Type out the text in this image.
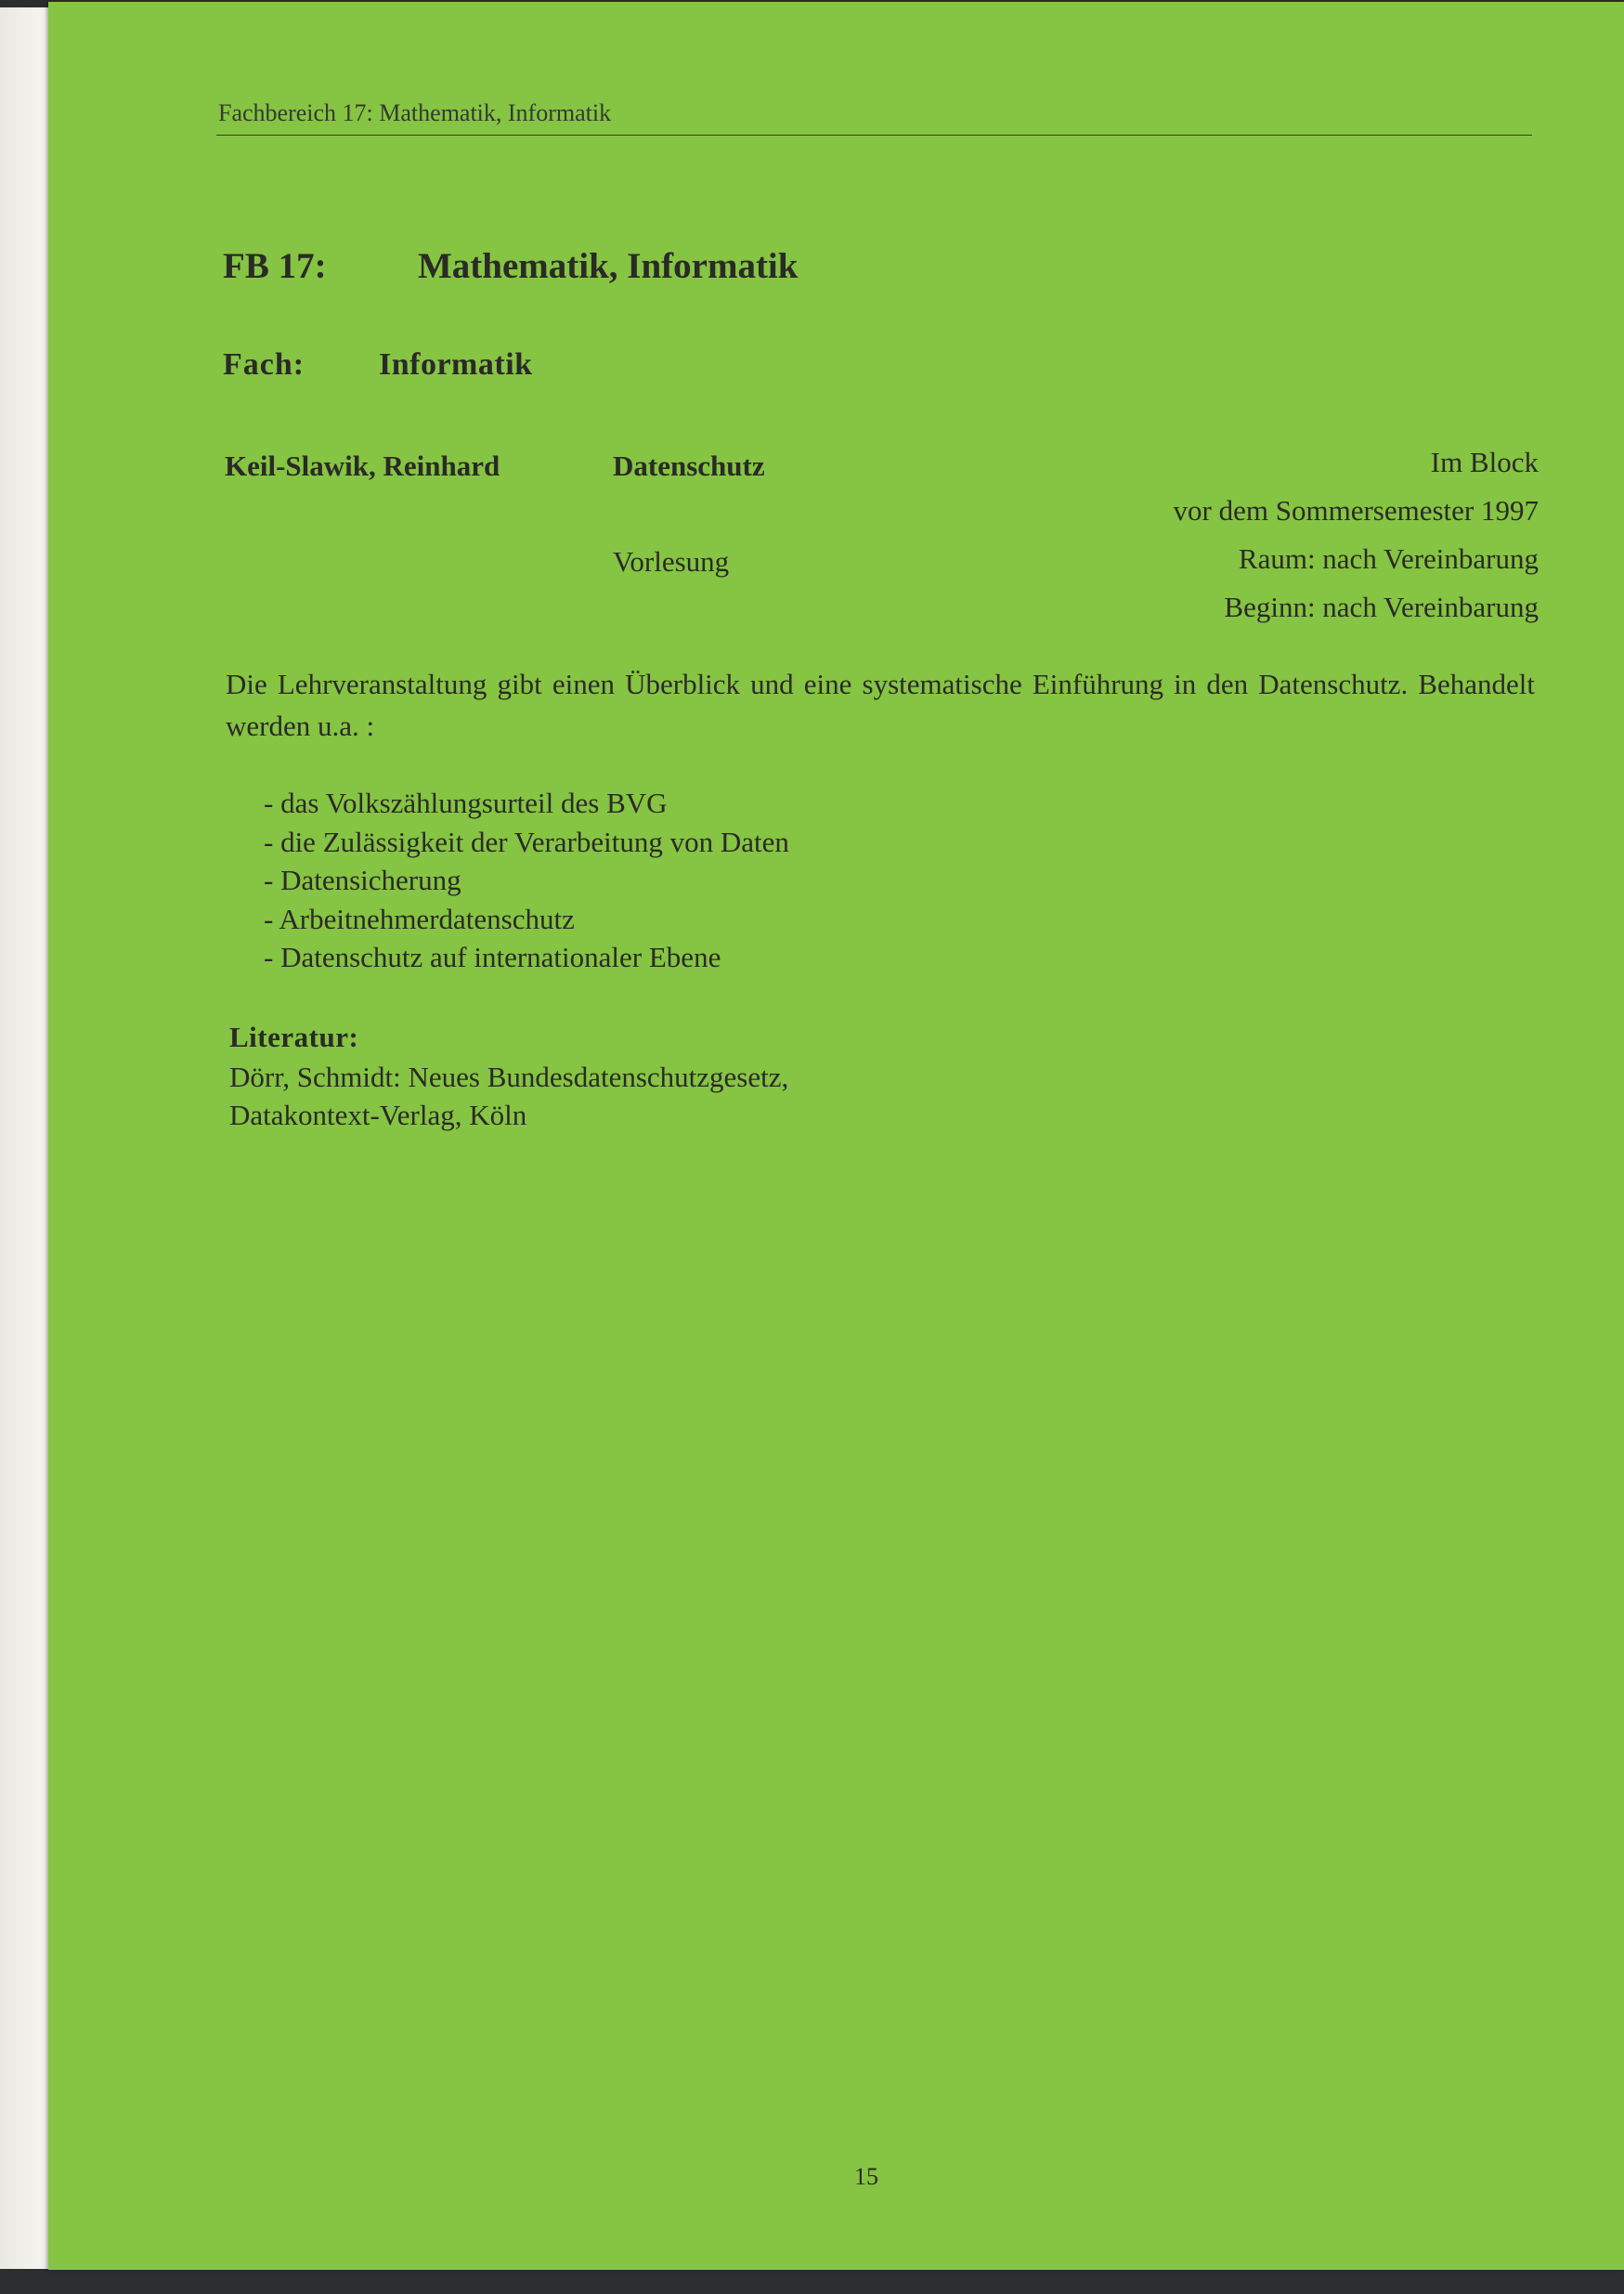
Fachbereich 17: Mathematik, Informatik
FB 17:	Mathematik, Informatik
Fach: Informatik
Keil-Slawik, Reinhard	Datenschutz
Vorlesung
Im Block
vor dem Sommersemester 1997
Raum: nach Vereinbarung
Beginn: nach Vereinbarung
Die Lehrveranstaltung gibt einen Überblick und eine systematische Einführung in den Datenschutz. Behandelt werden u.a. :
- das Volkszählungsurteil des BVG
- die Zulässigkeit der Verarbeitung von Daten
- Datensicherung
- Arbeitnehmerdatenschutz
- Datenschutz auf internationaler Ebene
Literatur:
Dörr, Schmidt: Neues Bundesdatenschutzgesetz,
Datakontext-Verlag, Köln
15
